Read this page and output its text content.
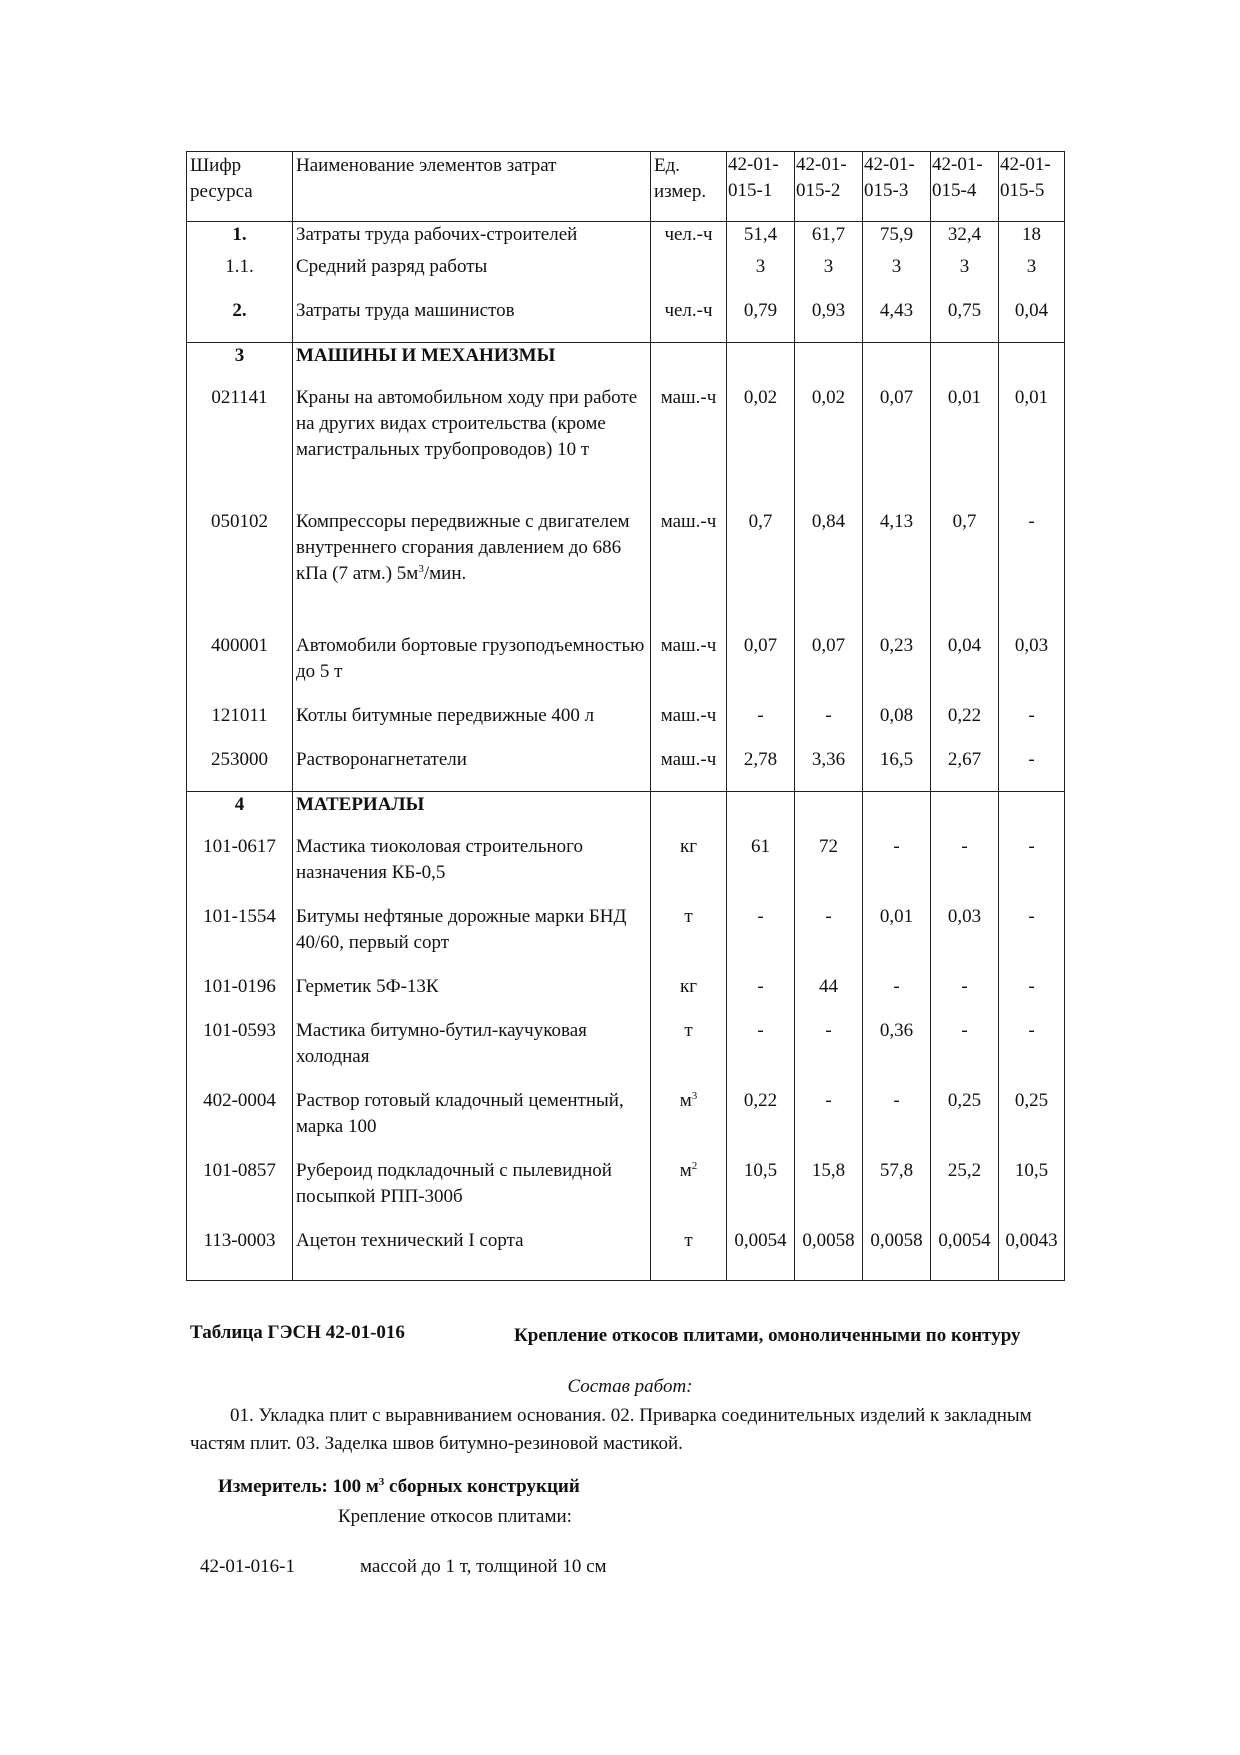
Шифр ресурса	Наименование элементов затрат	Ед. измер.	42-01-015-1	42-01-015-2	42-01-015-3	42-01-015-4	42-01-015-5
1.	Затраты труда рабочих-строителей	чел.-ч	51,4	61,7	75,9	32,4	18
1.1.	Средний разряд работы		3	3	3	3	3
2.	Затраты труда машинистов	чел.-ч	0,79	0,93	4,43	0,75	0,04
3	МАШИНЫ И МЕХАНИЗМЫ						
021141	Краны на автомобильном ходу при работе на других видах строительства (кроме магистральных трубопроводов) 10 т	маш.-ч	0,02	0,02	0,07	0,01	0,01
050102	Компрессоры передвижные с двигателем внутреннего сгорания давлением до 686 кПа (7 атм.) $5м^3$/мин.	маш.-ч	0,7	0,84	4,13	0,7	-
400001	Автомобили бортовые грузоподъемностью до 5 т	маш.-ч	0,07	0,07	0,23	0,04	0,03
121011	Котлы битумные передвижные 400 л	маш.-ч	-	-	0,08	0,22	-
253000	Растворонагнетатели	маш.-ч	2,78	3,36	16,5	2,67	-
4	МАТЕРИАЛЫ						
101-0617	Мастика тиоколовая строительного назначения КБ-0,5	кг	61	72	-	-	-
101-1554	Битумы нефтяные дорожные марки БНД 40/60, первый сорт	т	-	-	0,01	0,03	-
101-0196	Герметик 5Ф-13К	кг	-	44	-	-	-
101-0593	Мастика битумно-бутил-каучуковая холодная	т	-	-	0,36	-	-
402-0004	Раствор готовый кладочный цементный, марка 100	$м^3$	0,22	-	-	0,25	0,25
101-0857	Рубероид подкладочный с пылевидной посыпкой РПП-300б	$м^2$	10,5	15,8	57,8	25,2	10,5
113-0003	Ацетон технический I сорта	т	0,0054	0,0058	0,0058	0,0054	0,0043
Таблица ГЭСН 42-01-016	Крепление откосов плитами, омоноличенными по контуру
Состав работ:
01. Укладка плит с выравниванием основания. 02. Приварка соединительных изделий к закладным частям плит. 03. Заделка швов битумно-резиновой мастикой.
Измеритель: 100 $м^3$ сборных конструкций
Крепление откосов плитами:
42-01-016-1	массой до 1 т, толщиной 10 см
